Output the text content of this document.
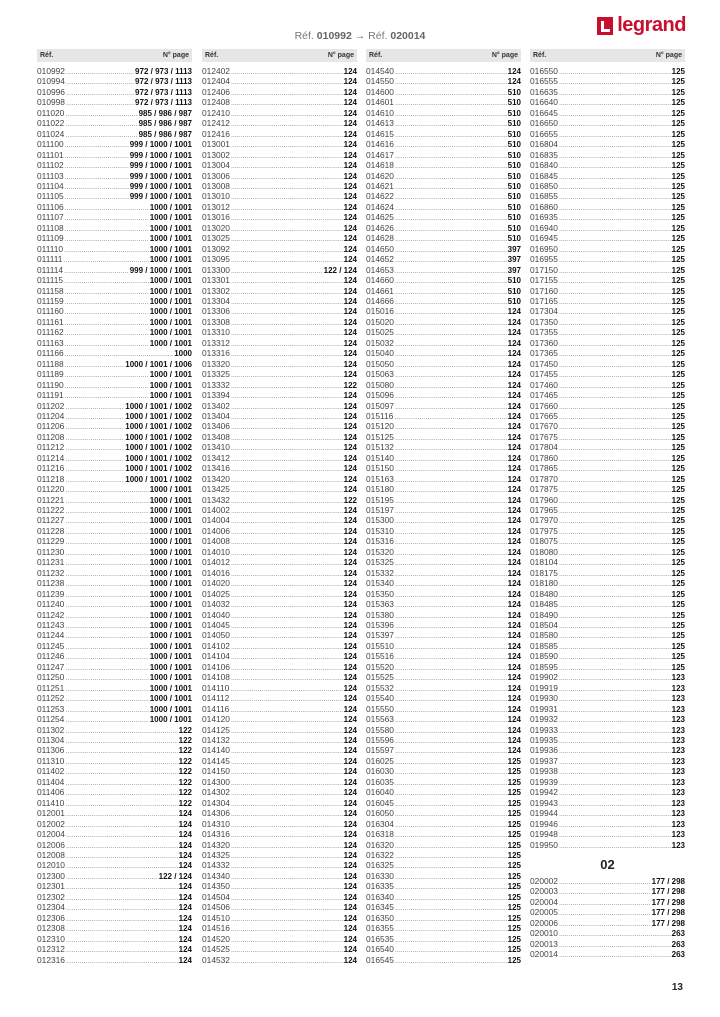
legrand
Réf. 010992 → Réf. 020014
Réf.	N° page
010992 .....	972 / 973 / 1113
010994 .....	972 / 973 / 1113
010996 .....	972 / 973 / 1113
010998 .....	972 / 973 / 1113
011020 .....	985 / 986 / 987
011022 .....	985 / 986 / 987
011024 .....	985 / 986 / 987
011100 .....	999 / 1000 / 1001
011101 .....	999 / 1000 / 1001
011102 .....	999 / 1000 / 1001
011103 .....	999 / 1000 / 1001
011104 .....	999 / 1000 / 1001
011105 .....	999 / 1000 / 1001
011106 .....	1000 / 1001
011107 .....	1000 / 1001
011108 .....	1000 / 1001
011109 .....	1000 / 1001
011110 .....	1000 / 1001
011111 .....	1000 / 1001
011114 .....	999 / 1000 / 1001
011115 .....	1000 / 1001
011158 .....	1000 / 1001
011159 .....	1000 / 1001
011160 .....	1000 / 1001
011161 .....	1000 / 1001
011162 .....	1000 / 1001
011163 .....	1000 / 1001
011166 .....	1000
011188 .....	1000 / 1001 / 1006
011189 .....	1000 / 1001
011190 .....	1000 / 1001
011191 .....	1000 / 1001
011202 .....	1000 / 1001 / 1002
011204 .....	1000 / 1001 / 1002
011206 .....	1000 / 1001 / 1002
011208 .....	1000 / 1001 / 1002
011212 .....	1000 / 1001 / 1002
011214 .....	1000 / 1001 / 1002
011216 .....	1000 / 1001 / 1002
011218 .....	1000 / 1001 / 1002
011220 .....	1000 / 1001
011221 .....	1000 / 1001
011222 .....	1000 / 1001
011227 .....	1000 / 1001
011228 .....	1000 / 1001
011229 .....	1000 / 1001
011230 .....	1000 / 1001
011231 .....	1000 / 1001
011232 .....	1000 / 1001
011238 .....	1000 / 1001
011239 .....	1000 / 1001
011240 .....	1000 / 1001
011242 .....	1000 / 1001
011243 .....	1000 / 1001
011244 .....	1000 / 1001
011245 .....	1000 / 1001
011246 .....	1000 / 1001
011247 .....	1000 / 1001
011250 .....	1000 / 1001
011251 .....	1000 / 1001
011252 .....	1000 / 1001
011253 .....	1000 / 1001
011254 .....	1000 / 1001
011302 .....	122
011304 .....	122
011306 .....	122
011310 .....	122
011402 .....	122
011404 .....	122
011406 .....	122
011410 .....	122
012001 .....	124
012002 .....	124
012004 .....	124
012006 .....	124
012008 .....	124
012010 .....	124
012300 .....	122 / 124
012301 .....	124
012302 .....	124
012304 .....	124
012306 .....	124
012308 .....	124
012310 .....	124
012312 .....	124
012316 .....	124
Réf.	N° page
012402 .....	124
012404 .....	124
012406 .....	124
012408 .....	124
012410 .....	124
012412 .....	124
012416 .....	124
013001 .....	124
013002 .....	124
013004 .....	124
013006 .....	124
013008 .....	124
013010 .....	124
013012 .....	124
013016 .....	124
013020 .....	124
013025 .....	124
013092 .....	124
013095 .....	124
013300 .....	122 / 124
013301 .....	124
013302 .....	124
013304 .....	124
013306 .....	124
013308 .....	124
013310 .....	124
013312 .....	124
013316 .....	124
013320 .....	124
013325 .....	124
013332 .....	122
013394 .....	124
013402 .....	124
013404 .....	124
013406 .....	124
013408 .....	124
013410 .....	124
013412 .....	124
013416 .....	124
013420 .....	124
013425 .....	124
013432 .....	122
014002 .....	124
014004 .....	124
014006 .....	124
014008 .....	124
014010 .....	124
014012 .....	124
014016 .....	124
014020 .....	124
014025 .....	124
014032 .....	124
014040 .....	124
014045 .....	124
014050 .....	124
014102 .....	124
014104 .....	124
014106 .....	124
014108 .....	124
014110 .....	124
014112 .....	124
014116 .....	124
014120 .....	124
014125 .....	124
014132 .....	124
014140 .....	124
014145 .....	124
014150 .....	124
014300 .....	124
014302 .....	124
014304 .....	124
014306 .....	124
014310 .....	124
014316 .....	124
014320 .....	124
014325 .....	124
014332 .....	124
014340 .....	124
014350 .....	124
014504 .....	124
014506 .....	124
014510 .....	124
014516 .....	124
014520 .....	124
014525 .....	124
014532 .....	124
Réf.	N° page
014540 .....	124
014550 .....	124
014600 .....	510
014601 .....	510
014610 .....	510
014613 .....	510
014615 .....	510
014616 .....	510
014617 .....	510
014618 .....	510
014620 .....	510
014621 .....	510
014622 .....	510
014624 .....	510
014625 .....	510
014626 .....	510
014628 .....	510
014650 .....	397
014652 .....	397
014653 .....	397
014660 .....	510
014661 .....	510
014666 .....	510
015016 .....	124
015020 .....	124
015025 .....	124
015032 .....	124
015040 .....	124
015050 .....	124
015063 .....	124
015080 .....	124
015096 .....	124
015097 .....	124
015116 .....	124
015120 .....	124
015125 .....	124
015132 .....	124
015140 .....	124
015150 .....	124
015163 .....	124
015180 .....	124
015195 .....	124
015197 .....	124
015300 .....	124
015310 .....	124
015316 .....	124
015320 .....	124
015325 .....	124
015332 .....	124
015340 .....	124
015350 .....	124
015363 .....	124
015380 .....	124
015396 .....	124
015397 .....	124
015510 .....	124
015516 .....	124
015520 .....	124
015525 .....	124
015532 .....	124
015540 .....	124
015550 .....	124
015563 .....	124
015580 .....	124
015596 .....	124
015597 .....	124
016025 .....	125
016030 .....	125
016035 .....	125
016040 .....	125
016045 .....	125
016050 .....	125
016304 .....	125
016318 .....	125
016320 .....	125
016322 .....	125
016325 .....	125
016330 .....	125
016335 .....	125
016340 .....	125
016345 .....	125
016350 .....	125
016355 .....	125
016535 .....	125
016540 .....	125
016545 .....	125
Réf.	N° page
016550 .....	125
016555 .....	125
016635 .....	125
016640 .....	125
016645 .....	125
016650 .....	125
016655 .....	125
016804 .....	125
016835 .....	125
016840 .....	125
016845 .....	125
016850 .....	125
016855 .....	125
016860 .....	125
016935 .....	125
016940 .....	125
016945 .....	125
016950 .....	125
016955 .....	125
017150 .....	125
017155 .....	125
017160 .....	125
017165 .....	125
017304 .....	125
017350 .....	125
017355 .....	125
017360 .....	125
017365 .....	125
017450 .....	125
017455 .....	125
017460 .....	125
017465 .....	125
017660 .....	125
017665 .....	125
017670 .....	125
017675 .....	125
017804 .....	125
017860 .....	125
017865 .....	125
017870 .....	125
017875 .....	125
017960 .....	125
017965 .....	125
017970 .....	125
017975 .....	125
018075 .....	125
018080 .....	125
018104 .....	125
018175 .....	125
018180 .....	125
018480 .....	125
018485 .....	125
018490 .....	125
018504 .....	125
018580 .....	125
018585 .....	125
018590 .....	125
018595 .....	125
019902 .....	123
019919 .....	123
019930 .....	123
019931 .....	123
019932 .....	123
019933 .....	123
019935 .....	123
019936 .....	123
019937 .....	123
019938 .....	123
019939 .....	123
019942 .....	123
019943 .....	123
019944 .....	123
019946 .....	123
019948 .....	123
019950 .....	123
02
020002 .....	177 / 298
020003 .....	177 / 298
020004 .....	177 / 298
020005 .....	177 / 298
020006 .....	177 / 298
020010 .....	263
020013 .....	263
020014 .....	263
13
